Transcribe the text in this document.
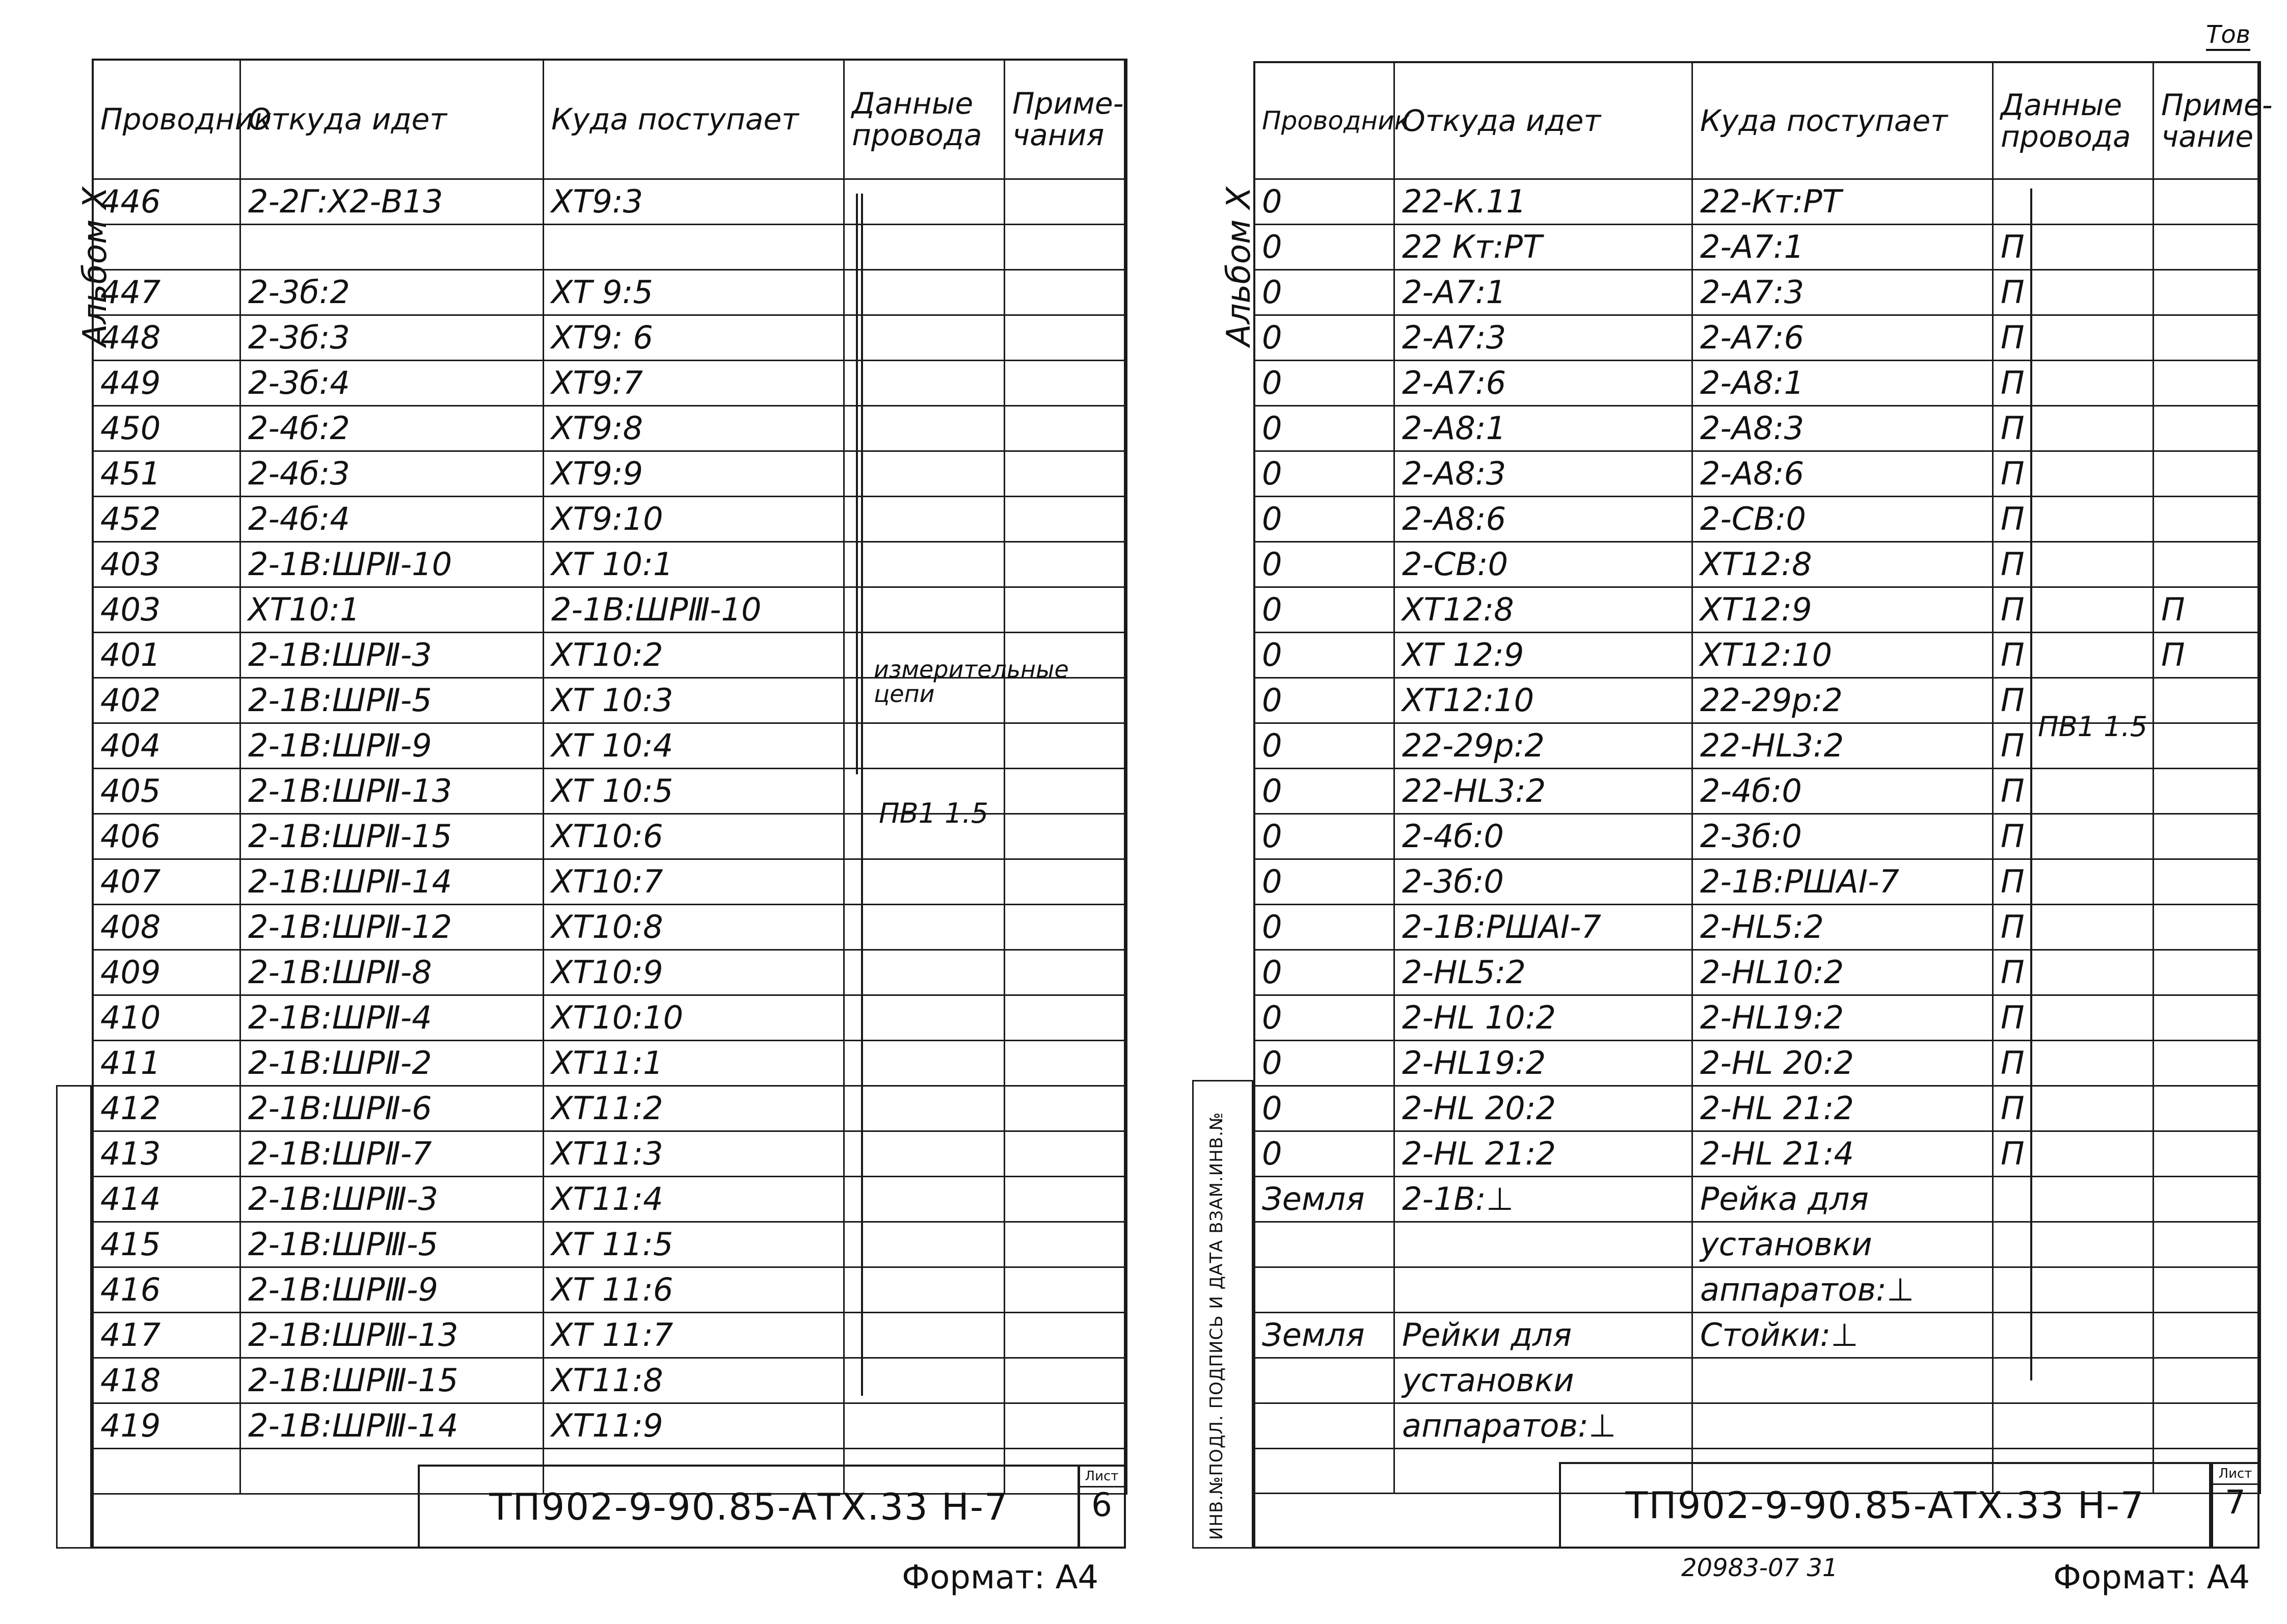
Тов
Альбом Х
Проводник	Откуда идет	Куда поступает	Данные провода	Приме-чания
446	2-2Г:Х2-В13	ХТ9:3		

447	2-3б:2	ХТ 9:5		
448	2-3б:3	ХТ9: 6		
449	2-3б:4	ХТ9:7		
450	2-4б:2	ХТ9:8		
451	2-4б:3	ХТ9:9		
452	2-4б:4	ХТ9:10		
403	2-1В:ШРⅡ-10	ХТ 10:1		
403	ХТ10:1	2-1В:ШРⅢ-10		
401	2-1В:ШРⅡ-3	ХТ10:2		
402	2-1В:ШРⅡ-5	ХТ 10:3		
404	2-1В:ШРⅡ-9	ХТ 10:4		
405	2-1В:ШРⅡ-13	ХТ 10:5		
406	2-1В:ШРⅡ-15	ХТ10:6		
407	2-1В:ШРⅡ-14	ХТ10:7		
408	2-1В:ШРⅡ-12	ХТ10:8		
409	2-1В:ШРⅡ-8	ХТ10:9		
410	2-1В:ШРⅡ-4	ХТ10:10		
411	2-1В:ШРⅡ-2	ХТ11:1		
412	2-1В:ШРⅡ-6	ХТ11:2		
413	2-1В:ШРⅡ-7	ХТ11:3		
414	2-1В:ШРⅢ-3	ХТ11:4		
415	2-1В:ШРⅢ-5	ХТ 11:5		
416	2-1В:ШРⅢ-9	ХТ 11:6		
417	2-1В:ШРⅢ-13	ХТ 11:7		
418	2-1В:ШРⅢ-15	ХТ11:8		
419	2-1В:ШРⅢ-14	ХТ11:9		

измерительные цепи
ПВ1 1.5
ТП902-9-90.85-АТХ.33 Н-7
Лист
6
Формат: А4
Альбом Х
ИНВ.№ПОДЛ. ПОДПИСЬ И ДАТА ВЗАМ.ИНВ.№
Проводник	Откуда идет	Куда поступает	Данные провода	Приме-чание
0	22-К.11	22-Кт:РТ		
0	22 Кт:РТ	2-А7:1	П	
0	2-А7:1	2-А7:3	П	
0	2-А7:3	2-А7:6	П	
0	2-А7:6	2-А8:1	П	
0	2-А8:1	2-А8:3	П	
0	2-А8:3	2-А8:6	П	
0	2-А8:6	2-СВ:0	П	
0	2-СВ:0	ХТ12:8	П	
0	ХТ12:8	ХТ12:9	П	П
0	ХТ 12:9	ХТ12:10	П	П
0	ХТ12:10	22-29р:2	П	
0	22-29р:2	22-НL3:2	П	
0	22-НL3:2	2-4б:0	П	
0	2-4б:0	2-3б:0	П	
0	2-3б:0	2-1В:РШАⅠ-7	П	
0	2-1В:РШАⅠ-7	2-НL5:2	П	
0	2-НL5:2	2-НL10:2	П	
0	2-НL 10:2	2-НL19:2	П	
0	2-НL19:2	2-НL 20:2	П	
0	2-НL 20:2	2-НL 21:2	П	
0	2-НL 21:2	2-НL 21:4	П	
Земля	2-1В:⊥	Рейка для		
		установки		
		аппаратов:⊥		
Земля	Рейки для	Стойки:⊥		
	установки			
	аппаратов:⊥			

ПВ1 1.5
ТП902-9-90.85-АТХ.33 Н-7
Лист
7
20983-07 31	Формат: А4
